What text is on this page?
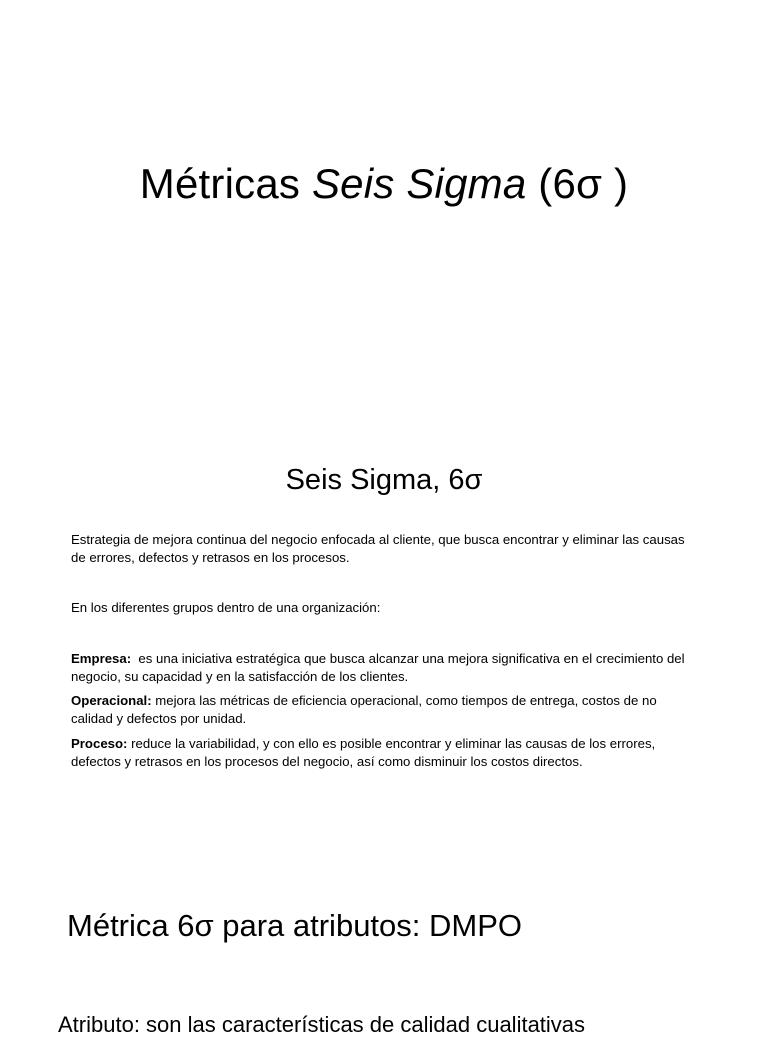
Métricas Seis Sigma (6σ )
Seis Sigma, 6σ

Estrategia de mejora continua del negocio enfocada al cliente, que busca encontrar y eliminar las causas de errores, defectos y retrasos en los procesos.

En los diferentes grupos dentro de una organización:

Empresa:  es una iniciativa estratégica que busca alcanzar una mejora significativa en el crecimiento del negocio, su capacidad y en la satisfacción de los clientes.

Operacional: mejora las métricas de eficiencia operacional, como tiempos de entrega, costos de no calidad y defectos por unidad.

Proceso: reduce la variabilidad, y con ello es posible encontrar y eliminar las causas de los errores, defectos y retrasos en los procesos del negocio, así como disminuir los costos directos.

Métrica 6σ para atributos: DMPO

Atributo: son las características de calidad cualitativas
